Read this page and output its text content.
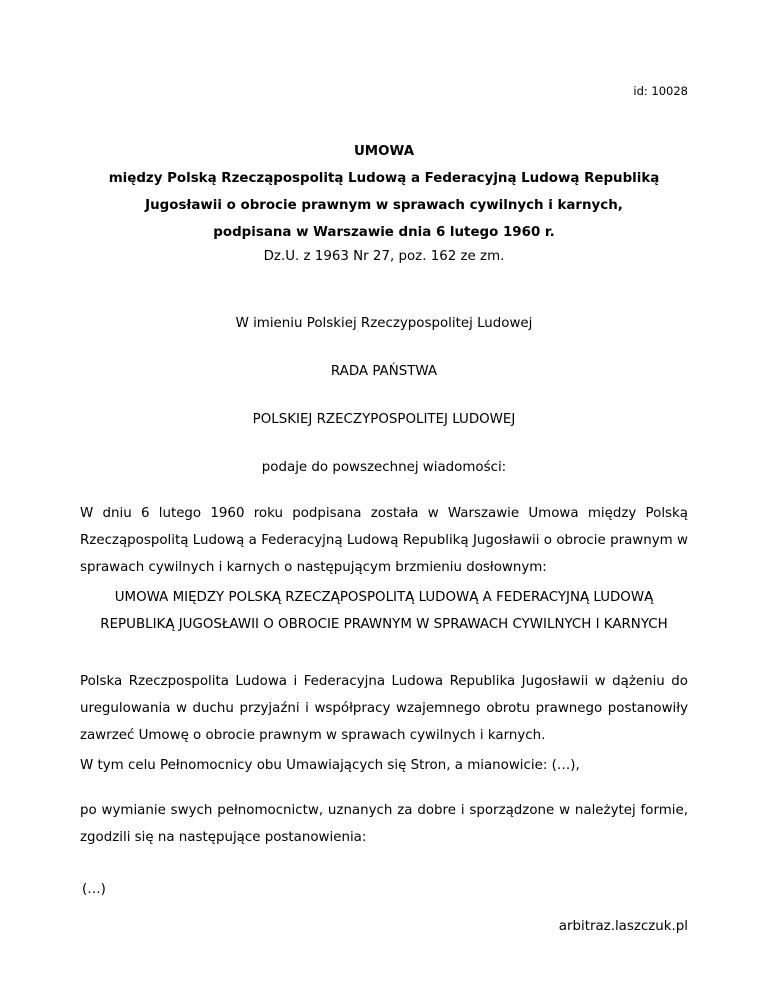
id: 10028
UMOWA
między Polską Rzecząpospolitą Ludową a Federacyjną Ludową Republiką
Jugosławii o obrocie prawnym w sprawach cywilnych i karnych,
podpisana w Warszawie dnia 6 lutego 1960 r.
Dz.U. z 1963 Nr 27, poz. 162 ze zm.
W imieniu Polskiej Rzeczypospolitej Ludowej
RADA PAŃSTWA
POLSKIEJ RZECZYPOSPOLITEJ LUDOWEJ
podaje do powszechnej wiadomości:
W dniu 6 lutego 1960 roku podpisana została w Warszawie Umowa między Polską Rzecząpospolitą Ludową a Federacyjną Ludową Republiką Jugosławii o obrocie prawnym w sprawach cywilnych i karnych o następującym brzmieniu dosłownym:
UMOWA MIĘDZY POLSKĄ RZECZĄPOSPOLITĄ LUDOWĄ A FEDERACYJNĄ LUDOWĄ REPUBLIKĄ JUGOSŁAWII O OBROCIE PRAWNYM W SPRAWACH CYWILNYCH I KARNYCH
Polska Rzeczpospolita Ludowa i Federacyjna Ludowa Republika Jugosławii w dążeniu do uregulowania w duchu przyjaźni i współpracy wzajemnego obrotu prawnego postanowiły zawrzeć Umowę o obrocie prawnym w sprawach cywilnych i karnych.
W tym celu Pełnomocnicy obu Umawiających się Stron, a mianowicie: (…),
po wymianie swych pełnomocnictw, uznanych za dobre i sporządzone w należytej formie, zgodzili się na następujące postanowienia:
(…)
arbitraz.laszczuk.pl
